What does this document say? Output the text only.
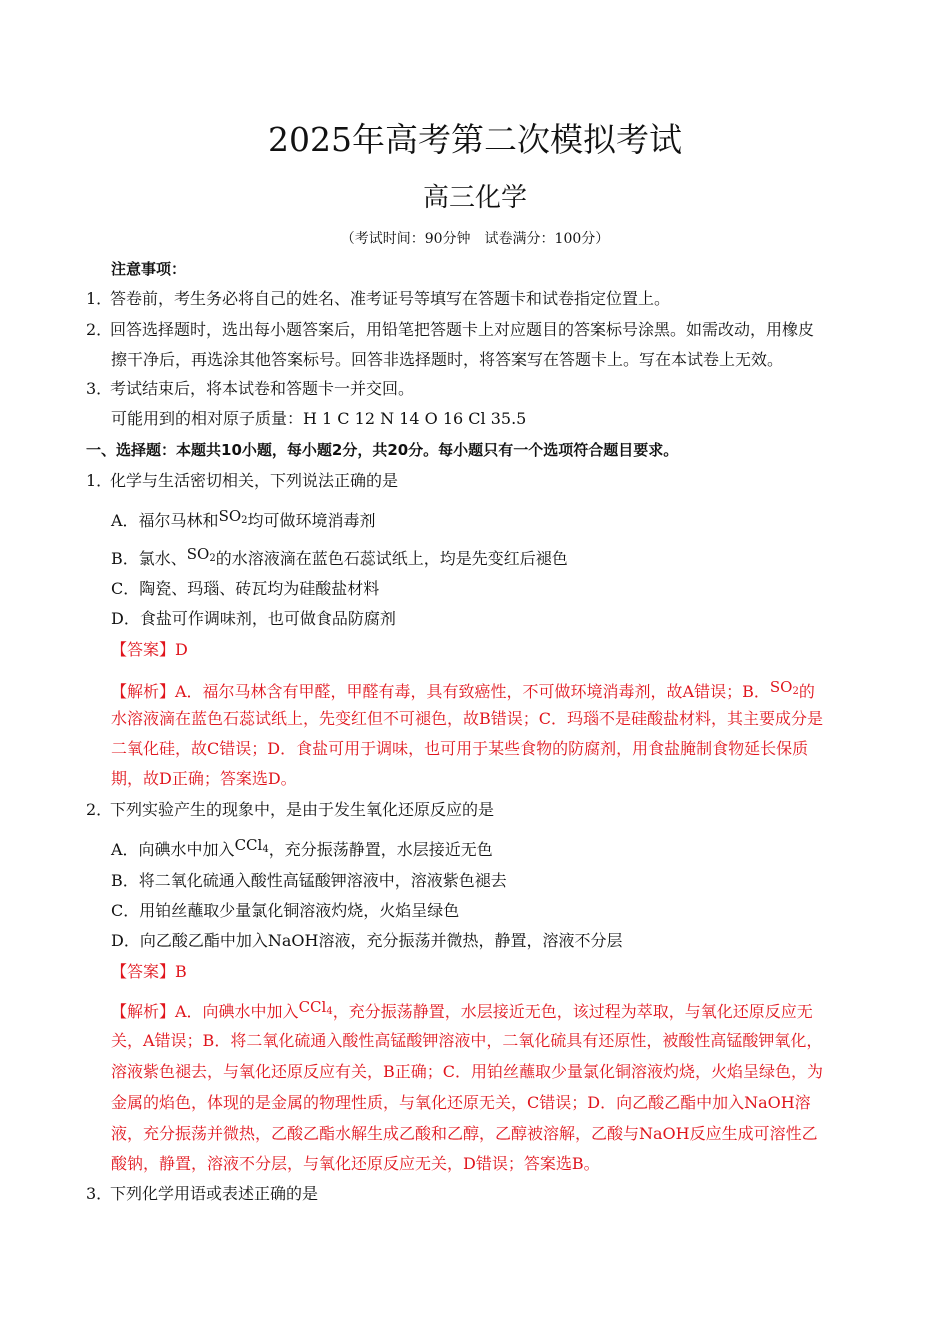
2025年高考第二次模拟考试
高三化学
（考试时间：90分钟　试卷满分：100分）
注意事项：
1．答卷前，考生务必将自己的姓名、准考证号等填写在答题卡和试卷指定位置上。
2．回答选择题时，选出每小题答案后，用铅笔把答题卡上对应题目的答案标号涂黑。如需改动，用橡皮
擦干净后，再选涂其他答案标号。回答非选择题时，将答案写在答题卡上。写在本试卷上无效。
3．考试结束后，将本试卷和答题卡一并交回。
可能用到的相对原子质量：H 1 C 12 N 14 O 16 Cl 35.5
一、选择题：本题共10小题，每小题2分，共20分。每小题只有一个选项符合题目要求。
1．化学与生活密切相关，下列说法正确的是
A．福尔马林和$SO_2$均可做环境消毒剂
B．氯水、$SO_2$的水溶液滴在蓝色石蕊试纸上，均是先变红后褪色
C．陶瓷、玛瑙、砖瓦均为硅酸盐材料
D．食盐可作调味剂，也可做食品防腐剂
【答案】D
【解析】A．福尔马林含有甲醛，甲醛有毒，具有致癌性，不可做环境消毒剂，故A错误；B．$SO_2$的
水溶液滴在蓝色石蕊试纸上，先变红但不可褪色，故B错误；C．玛瑙不是硅酸盐材料，其主要成分是
二氧化硅，故C错误；D．食盐可用于调味，也可用于某些食物的防腐剂，用食盐腌制食物延长保质
期，故D正确；答案选D。
2．下列实验产生的现象中，是由于发生氧化还原反应的是
A．向碘水中加入CCl$_4$，充分振荡静置，水层接近无色
B．将二氧化硫通入酸性高锰酸钾溶液中，溶液紫色褪去
C．用铂丝蘸取少量氯化铜溶液灼烧，火焰呈绿色
D．向乙酸乙酯中加入NaOH溶液，充分振荡并微热，静置，溶液不分层
【答案】B
【解析】A．向碘水中加入CCl$_4$，充分振荡静置，水层接近无色，该过程为萃取，与氧化还原反应无
关，A错误；B．将二氧化硫通入酸性高锰酸钾溶液中，二氧化硫具有还原性，被酸性高锰酸钾氧化，
溶液紫色褪去，与氧化还原反应有关，B正确；C．用铂丝蘸取少量氯化铜溶液灼烧，火焰呈绿色，为
金属的焰色，体现的是金属的物理性质，与氧化还原无关，C错误；D．向乙酸乙酯中加入NaOH溶
液，充分振荡并微热，乙酸乙酯水解生成乙酸和乙醇，乙醇被溶解，乙酸与NaOH反应生成可溶性乙
酸钠，静置，溶液不分层，与氧化还原反应无关，D错误；答案选B。
3．下列化学用语或表述正确的是
